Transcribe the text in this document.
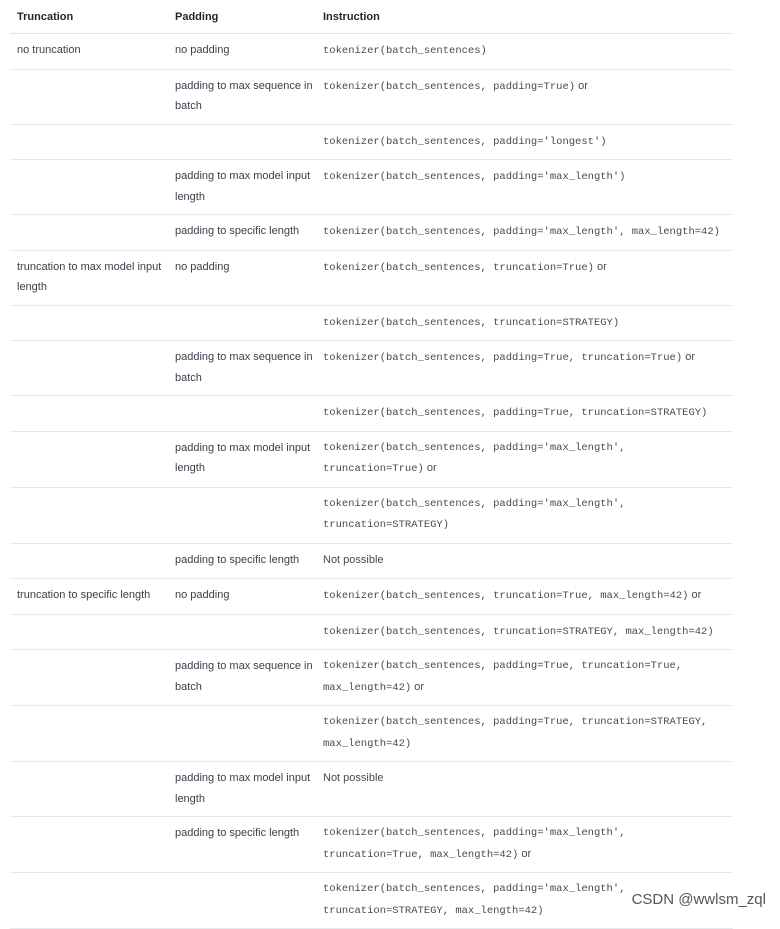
Truncation	Padding	Instruction
no truncation	no padding	tokenizer(batch_sentences)
	padding to max sequence in batch	tokenizer(batch_sentences, padding=True) or
		tokenizer(batch_sentences, padding='longest')
	padding to max model input length	tokenizer(batch_sentences, padding='max_length')
	padding to specific length	tokenizer(batch_sentences, padding='max_length', max_length=42)
truncation to max model input length	no padding	tokenizer(batch_sentences, truncation=True) or
		tokenizer(batch_sentences, truncation=STRATEGY)
	padding to max sequence in batch	tokenizer(batch_sentences, padding=True, truncation=True) or
		tokenizer(batch_sentences, padding=True, truncation=STRATEGY)
	padding to max model input length	tokenizer(batch_sentences, padding='max_length', truncation=True) or
		tokenizer(batch_sentences, padding='max_length', truncation=STRATEGY)
	padding to specific length	Not possible
truncation to specific length	no padding	tokenizer(batch_sentences, truncation=True, max_length=42) or
		tokenizer(batch_sentences, truncation=STRATEGY, max_length=42)
	padding to max sequence in batch	tokenizer(batch_sentences, padding=True, truncation=True, max_length=42) or
		tokenizer(batch_sentences, padding=True, truncation=STRATEGY, max_length=42)
	padding to max model input length	Not possible
	padding to specific length	tokenizer(batch_sentences, padding='max_length', truncation=True, max_length=42) or
		tokenizer(batch_sentences, padding='max_length', truncation=STRATEGY, max_length=42)
CSDN @wwlsm_zql
